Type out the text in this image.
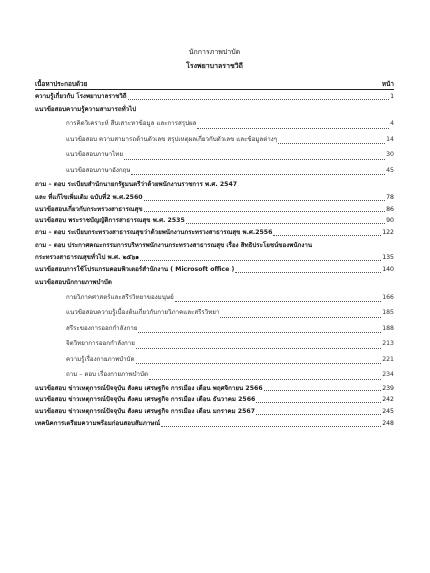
นักการภาพปาบัด
โรงพยาบาลราชวิถี
เนื้อหาประกอบด้วย	หน้า
ความรู้เกี่ยวกับ โรงพยาบาลราชวิถี	1
แนวข้อสอบความรู้ความสามารถทั่วไป
การคิดวิเคราะห์ สืบเสาะหาข้อมูล และการสรุปผล	4
แนวข้อสอบ ความสามารถด้านตัวเลข สรุปเหตุผลเกี่ยวกับตัวเลข และข้อมูลต่างๆ	14
แนวข้อสอบภาษาไทย	30
แนวข้อสอบภาษาอังกฤษ	45
ถาม – ตอบ ระเบียบสำนักนายกรัฐมนตรีว่าด้วยพนักงานราชการ พ.ศ. 2547
และ ที่แก้ไขเพิ่มเติม ฉบับที่2 พ.ศ.2560	78
แนวข้อสอบเกี่ยวกับกระทรวงสาธารณสุข	86
แนวข้อสอบ พระราชบัญญัติการสาธารณสุข พ.ศ. 2535	90
ถาม – ตอบ ระเบียบกระทรวงสาธารณสุขว่าด้วยพนักงานกระทรวงสาธารณสุข พ.ศ.2556	122
ถาม – ตอบ ประกาศคณะกรรมการบริหารพนักงานกระทรวงสาธารณสุข เรื่อง สิทธิประโยชน์ของพนักงาน
กระทรวงสาธารณสุขทั่วไป พ.ศ. ๒๕๖๑	135
แนวข้อสอบการใช้โปรแกรมคอมพิวเตอร์สำนักงาน ( Microsoft office )	140
แนวข้อสอบนักกายภาพบำบัด
กายวิภาคศาสตร์และสรีรวิทยาของมนุษย์	166
แนวข้อสอบความรู้เบื้องต้นเกี่ยวกับกายวิภาคและสรีรวิทยา	185
สรีระของการออกกำลังกาย	188
จิตวิทยาการออกกำลังกาย	213
ความรู้เรื่องกายภาพบำบัด	221
ถาม – ตอบ เรื่องกายภาพบำบัด	234
แนวข้อสอบ ข่าวเหตุการณ์ปัจจุบัน สังคม เศรษฐกิจ การเมือง เดือน พฤศจิกายน 2566	239
แนวข้อสอบ ข่าวเหตุการณ์ปัจจุบัน สังคม เศรษฐกิจ การเมือง เดือน ธันวาคม 2566	242
แนวข้อสอบ ข่าวเหตุการณ์ปัจจุบัน สังคม เศรษฐกิจ การเมือง เดือน มกราคม 2567	245
เทคนิคการเตรียมความพร้อมก่อนสอบสัมภาษณ์	248
